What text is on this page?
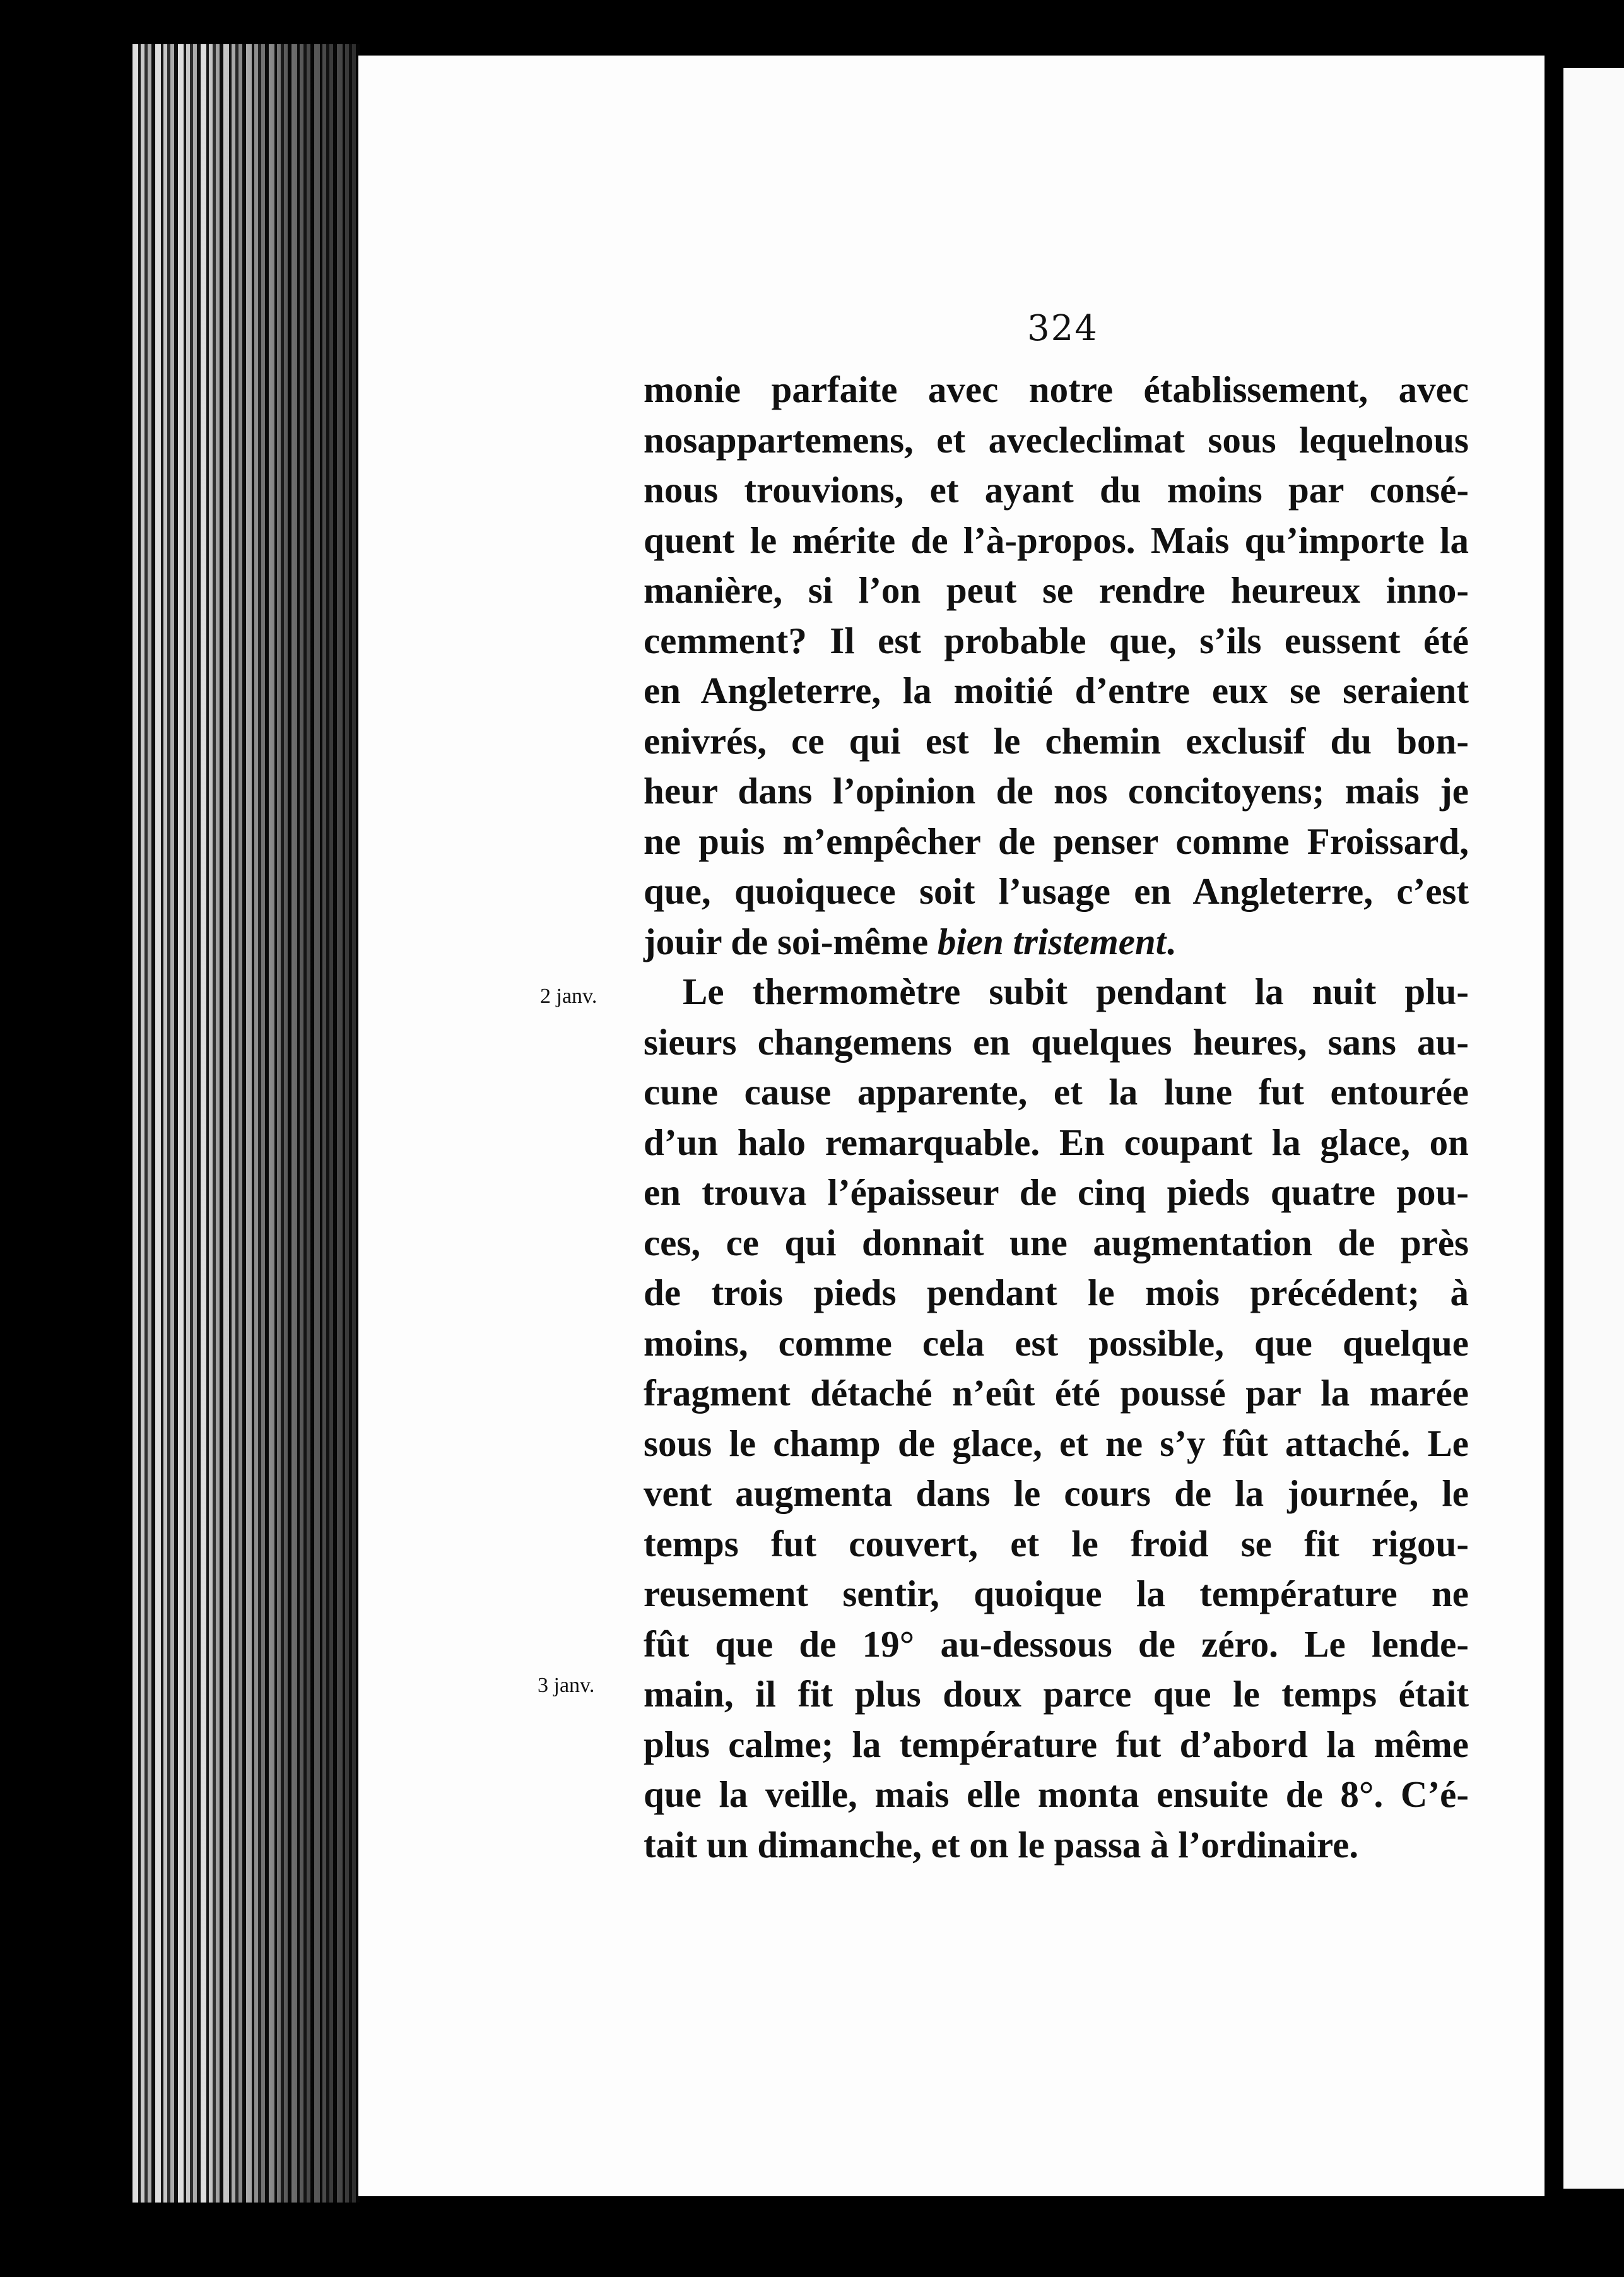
324
2 janv.
3 janv.
monie parfaite avec notre établissement, avec
nosappartemens, et avecleclimat sous lequelnous
nous trouvions, et ayant du moins par consé-
quent le mérite de l’à-propos. Mais qu’importe la
manière, si l’on peut se rendre heureux inno-
cemment? Il est probable que, s’ils eussent été
en Angleterre, la moitié d’entre eux se seraient
enivrés, ce qui est le chemin exclusif du bon-
heur dans l’opinion de nos concitoyens; mais je
ne puis m’empêcher de penser comme Froissard,
que, quoiquece soit l’usage en Angleterre, c’est
jouir de soi-même bien tristement.
Le thermomètre subit pendant la nuit plu-
sieurs changemens en quelques heures, sans au-
cune cause apparente, et la lune fut entourée
d’un halo remarquable. En coupant la glace, on
en trouva l’épaisseur de cinq pieds quatre pou-
ces, ce qui donnait une augmentation de près
de trois pieds pendant le mois précédent; à
moins, comme cela est possible, que quelque
fragment détaché n’eût été poussé par la marée
sous le champ de glace, et ne s’y fût attaché. Le
vent augmenta dans le cours de la journée, le
temps fut couvert, et le froid se fit rigou-
reusement sentir, quoique la température ne
fût que de 19° au-dessous de zéro. Le lende-
main, il fit plus doux parce que le temps était
plus calme; la température fut d’abord la même
que la veille, mais elle monta ensuite de 8°. C’é-
tait un dimanche, et on le passa à l’ordinaire.
